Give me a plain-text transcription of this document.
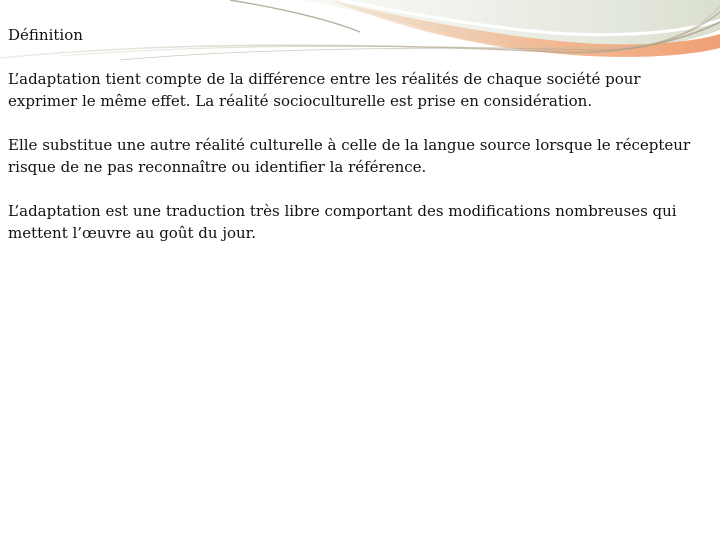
Définition

L’adaptation tient compte de la différence entre les réalités de chaque société pour exprimer le même effet. La réalité socioculturelle est prise en considération.

Elle substitue une autre réalité culturelle à celle de la langue source lorsque le récepteur risque de ne pas reconnaître ou identifier la référence.

L’adaptation est une traduction très libre comportant des modifications nombreuses qui mettent l’œuvre au goût du jour.
